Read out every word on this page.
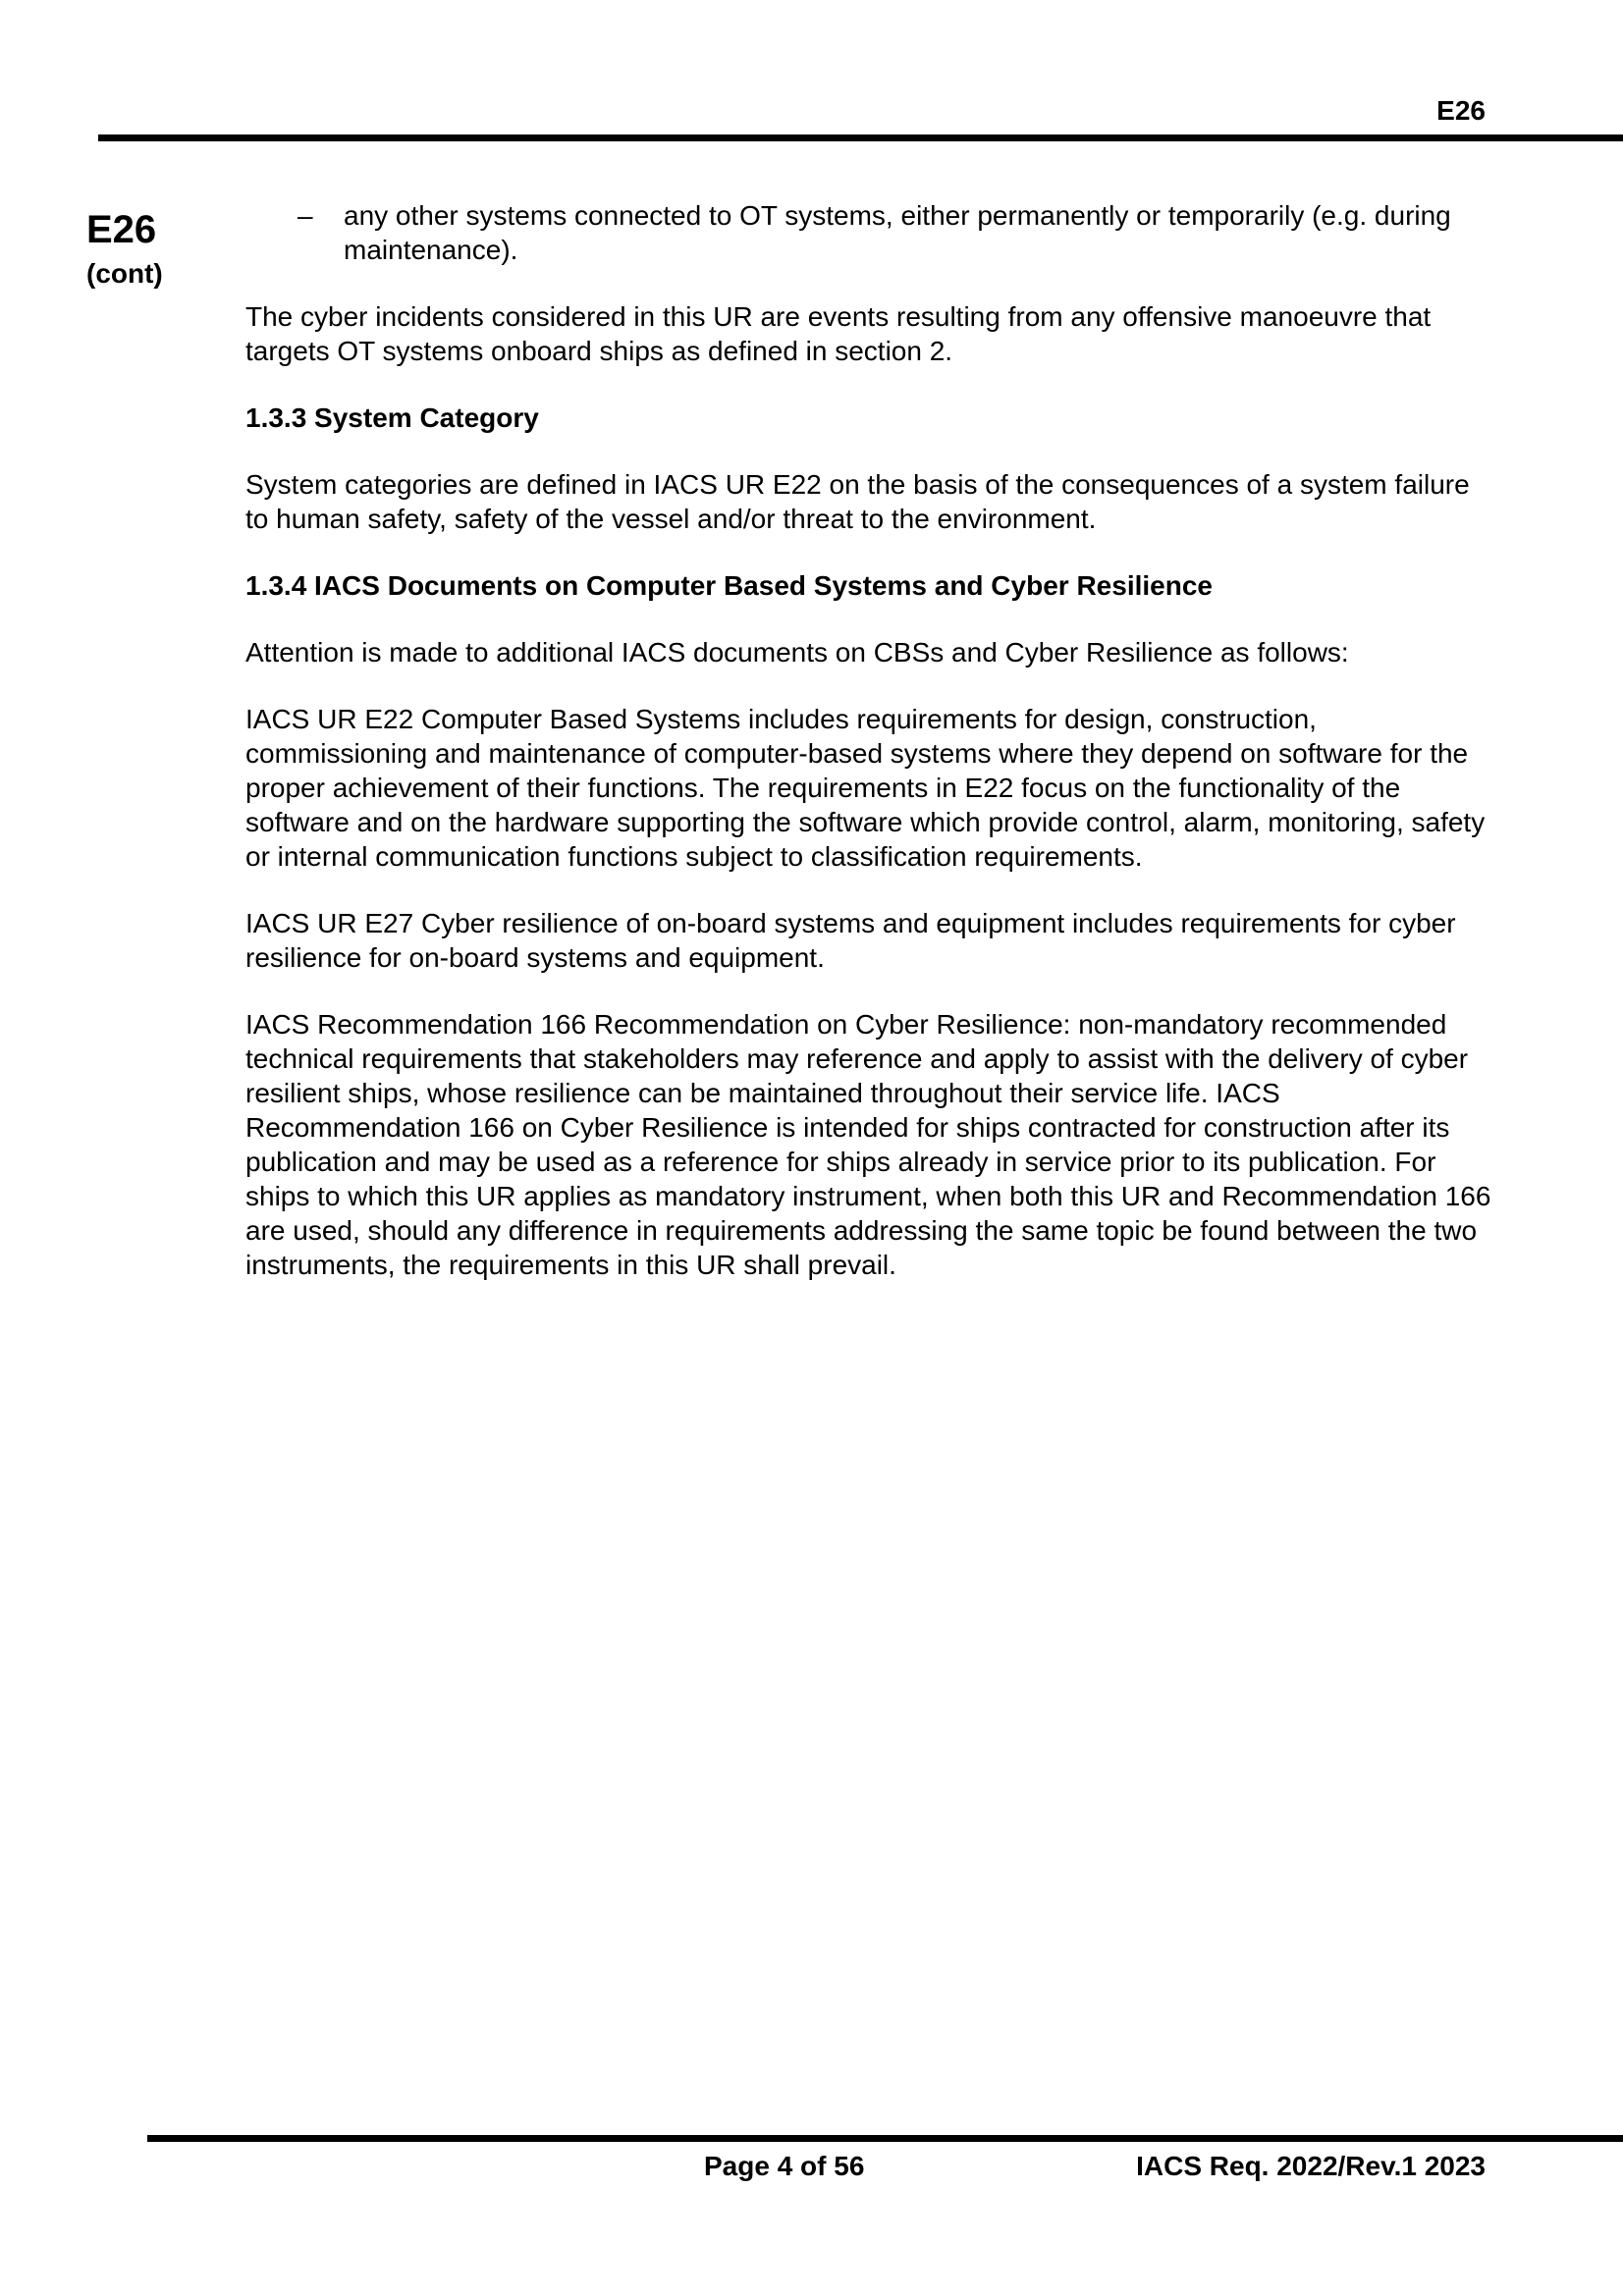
E26
E26
(cont)
– any other systems connected to OT systems, either permanently or temporarily (e.g. during maintenance).

The cyber incidents considered in this UR are events resulting from any offensive manoeuvre that targets OT systems onboard ships as defined in section 2.

1.3.3 System Category

System categories are defined in IACS UR E22 on the basis of the consequences of a system failure to human safety, safety of the vessel and/or threat to the environment.

1.3.4 IACS Documents on Computer Based Systems and Cyber Resilience

Attention is made to additional IACS documents on CBSs and Cyber Resilience as follows:

IACS UR E22 Computer Based Systems includes requirements for design, construction, commissioning and maintenance of computer-based systems where they depend on software for the proper achievement of their functions. The requirements in E22 focus on the functionality of the software and on the hardware supporting the software which provide control, alarm, monitoring, safety or internal communication functions subject to classification requirements.

IACS UR E27 Cyber resilience of on-board systems and equipment includes requirements for cyber resilience for on-board systems and equipment.

IACS Recommendation 166 Recommendation on Cyber Resilience: non-mandatory recommended technical requirements that stakeholders may reference and apply to assist with the delivery of cyber resilient ships, whose resilience can be maintained throughout their service life. IACS Recommendation 166 on Cyber Resilience is intended for ships contracted for construction after its publication and may be used as a reference for ships already in service prior to its publication. For ships to which this UR applies as mandatory instrument, when both this UR and Recommendation 166 are used, should any difference in requirements addressing the same topic be found between the two instruments, the requirements in this UR shall prevail.

Page 4 of 56	IACS Req. 2022/Rev.1 2023
